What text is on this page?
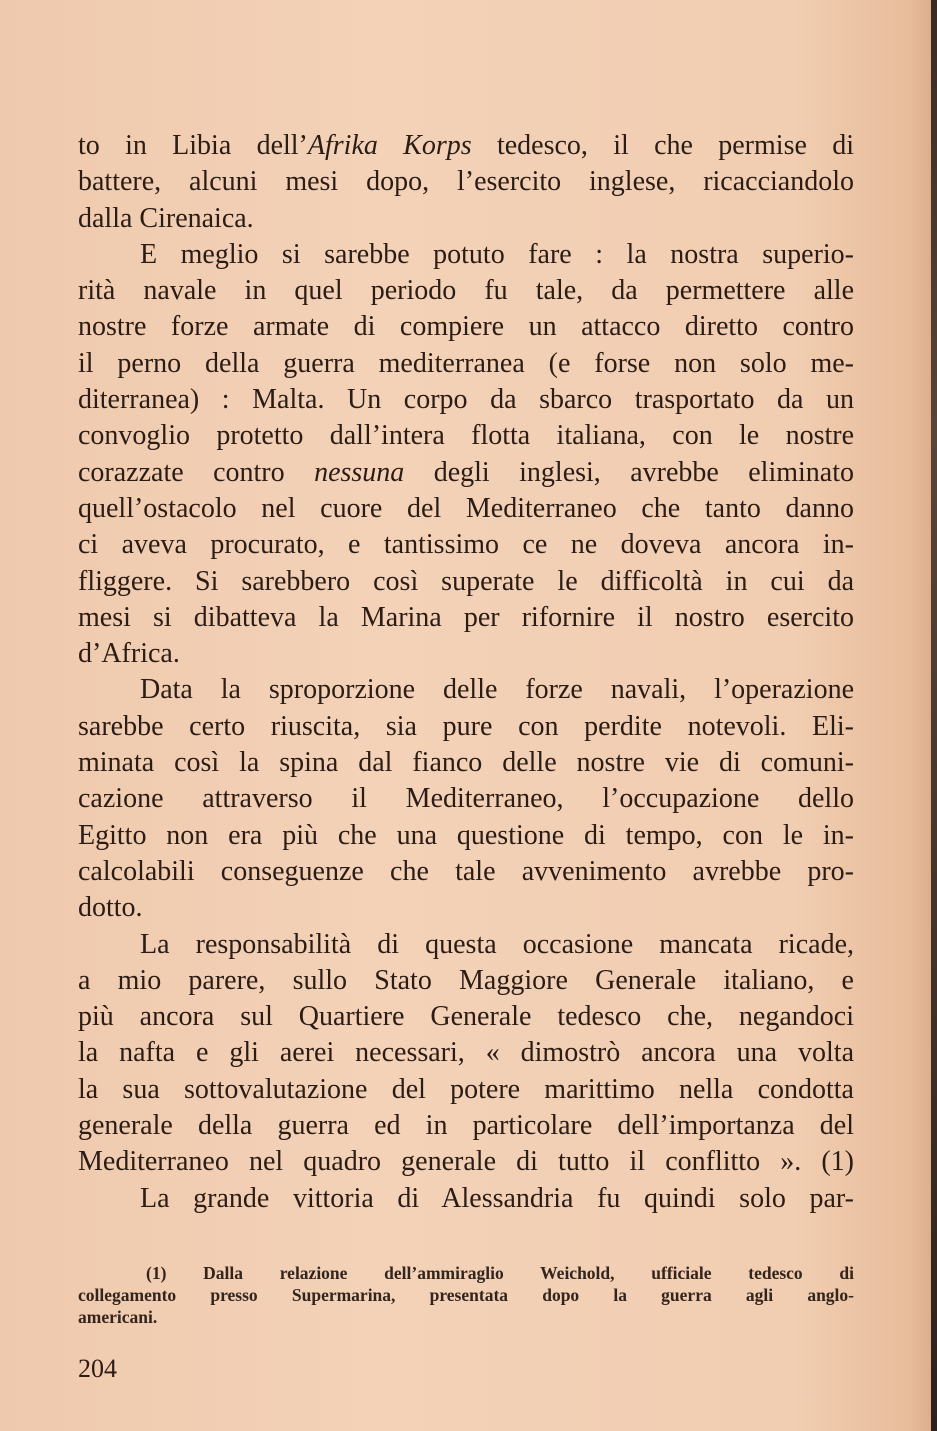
to in Libia dell’Afrika Korps tedesco, il che permise di
battere, alcuni mesi dopo, l’esercito inglese, ricacciandolo
dalla Cirenaica.
E meglio si sarebbe potuto fare : la nostra superio-
rità navale in quel periodo fu tale, da permettere alle
nostre forze armate di compiere un attacco diretto contro
il perno della guerra mediterranea (e forse non solo me-
diterranea) : Malta. Un corpo da sbarco trasportato da un
convoglio protetto dall’intera flotta italiana, con le nostre
corazzate contro nessuna degli inglesi, avrebbe eliminato
quell’ostacolo nel cuore del Mediterraneo che tanto danno
ci aveva procurato, e tantissimo ce ne doveva ancora in-
fliggere. Si sarebbero così superate le difficoltà in cui da
mesi si dibatteva la Marina per rifornire il nostro esercito
d’Africa.
Data la sproporzione delle forze navali, l’operazione
sarebbe certo riuscita, sia pure con perdite notevoli. Eli-
minata così la spina dal fianco delle nostre vie di comuni-
cazione attraverso il Mediterraneo, l’occupazione dello
Egitto non era più che una questione di tempo, con le in-
calcolabili conseguenze che tale avvenimento avrebbe pro-
dotto.
La responsabilità di questa occasione mancata ricade,
a mio parere, sullo Stato Maggiore Generale italiano, e
più ancora sul Quartiere Generale tedesco che, negandoci
la nafta e gli aerei necessari, « dimostrò ancora una volta
la sua sottovalutazione del potere marittimo nella condotta
generale della guerra ed in particolare dell’importanza del
Mediterraneo nel quadro generale di tutto il conflitto ». (1)
La grande vittoria di Alessandria fu quindi solo par-
(1) Dalla relazione dell’ammiraglio Weichold, ufficiale tedesco di
collegamento presso Supermarina, presentata dopo la guerra agli anglo-
americani.
204
